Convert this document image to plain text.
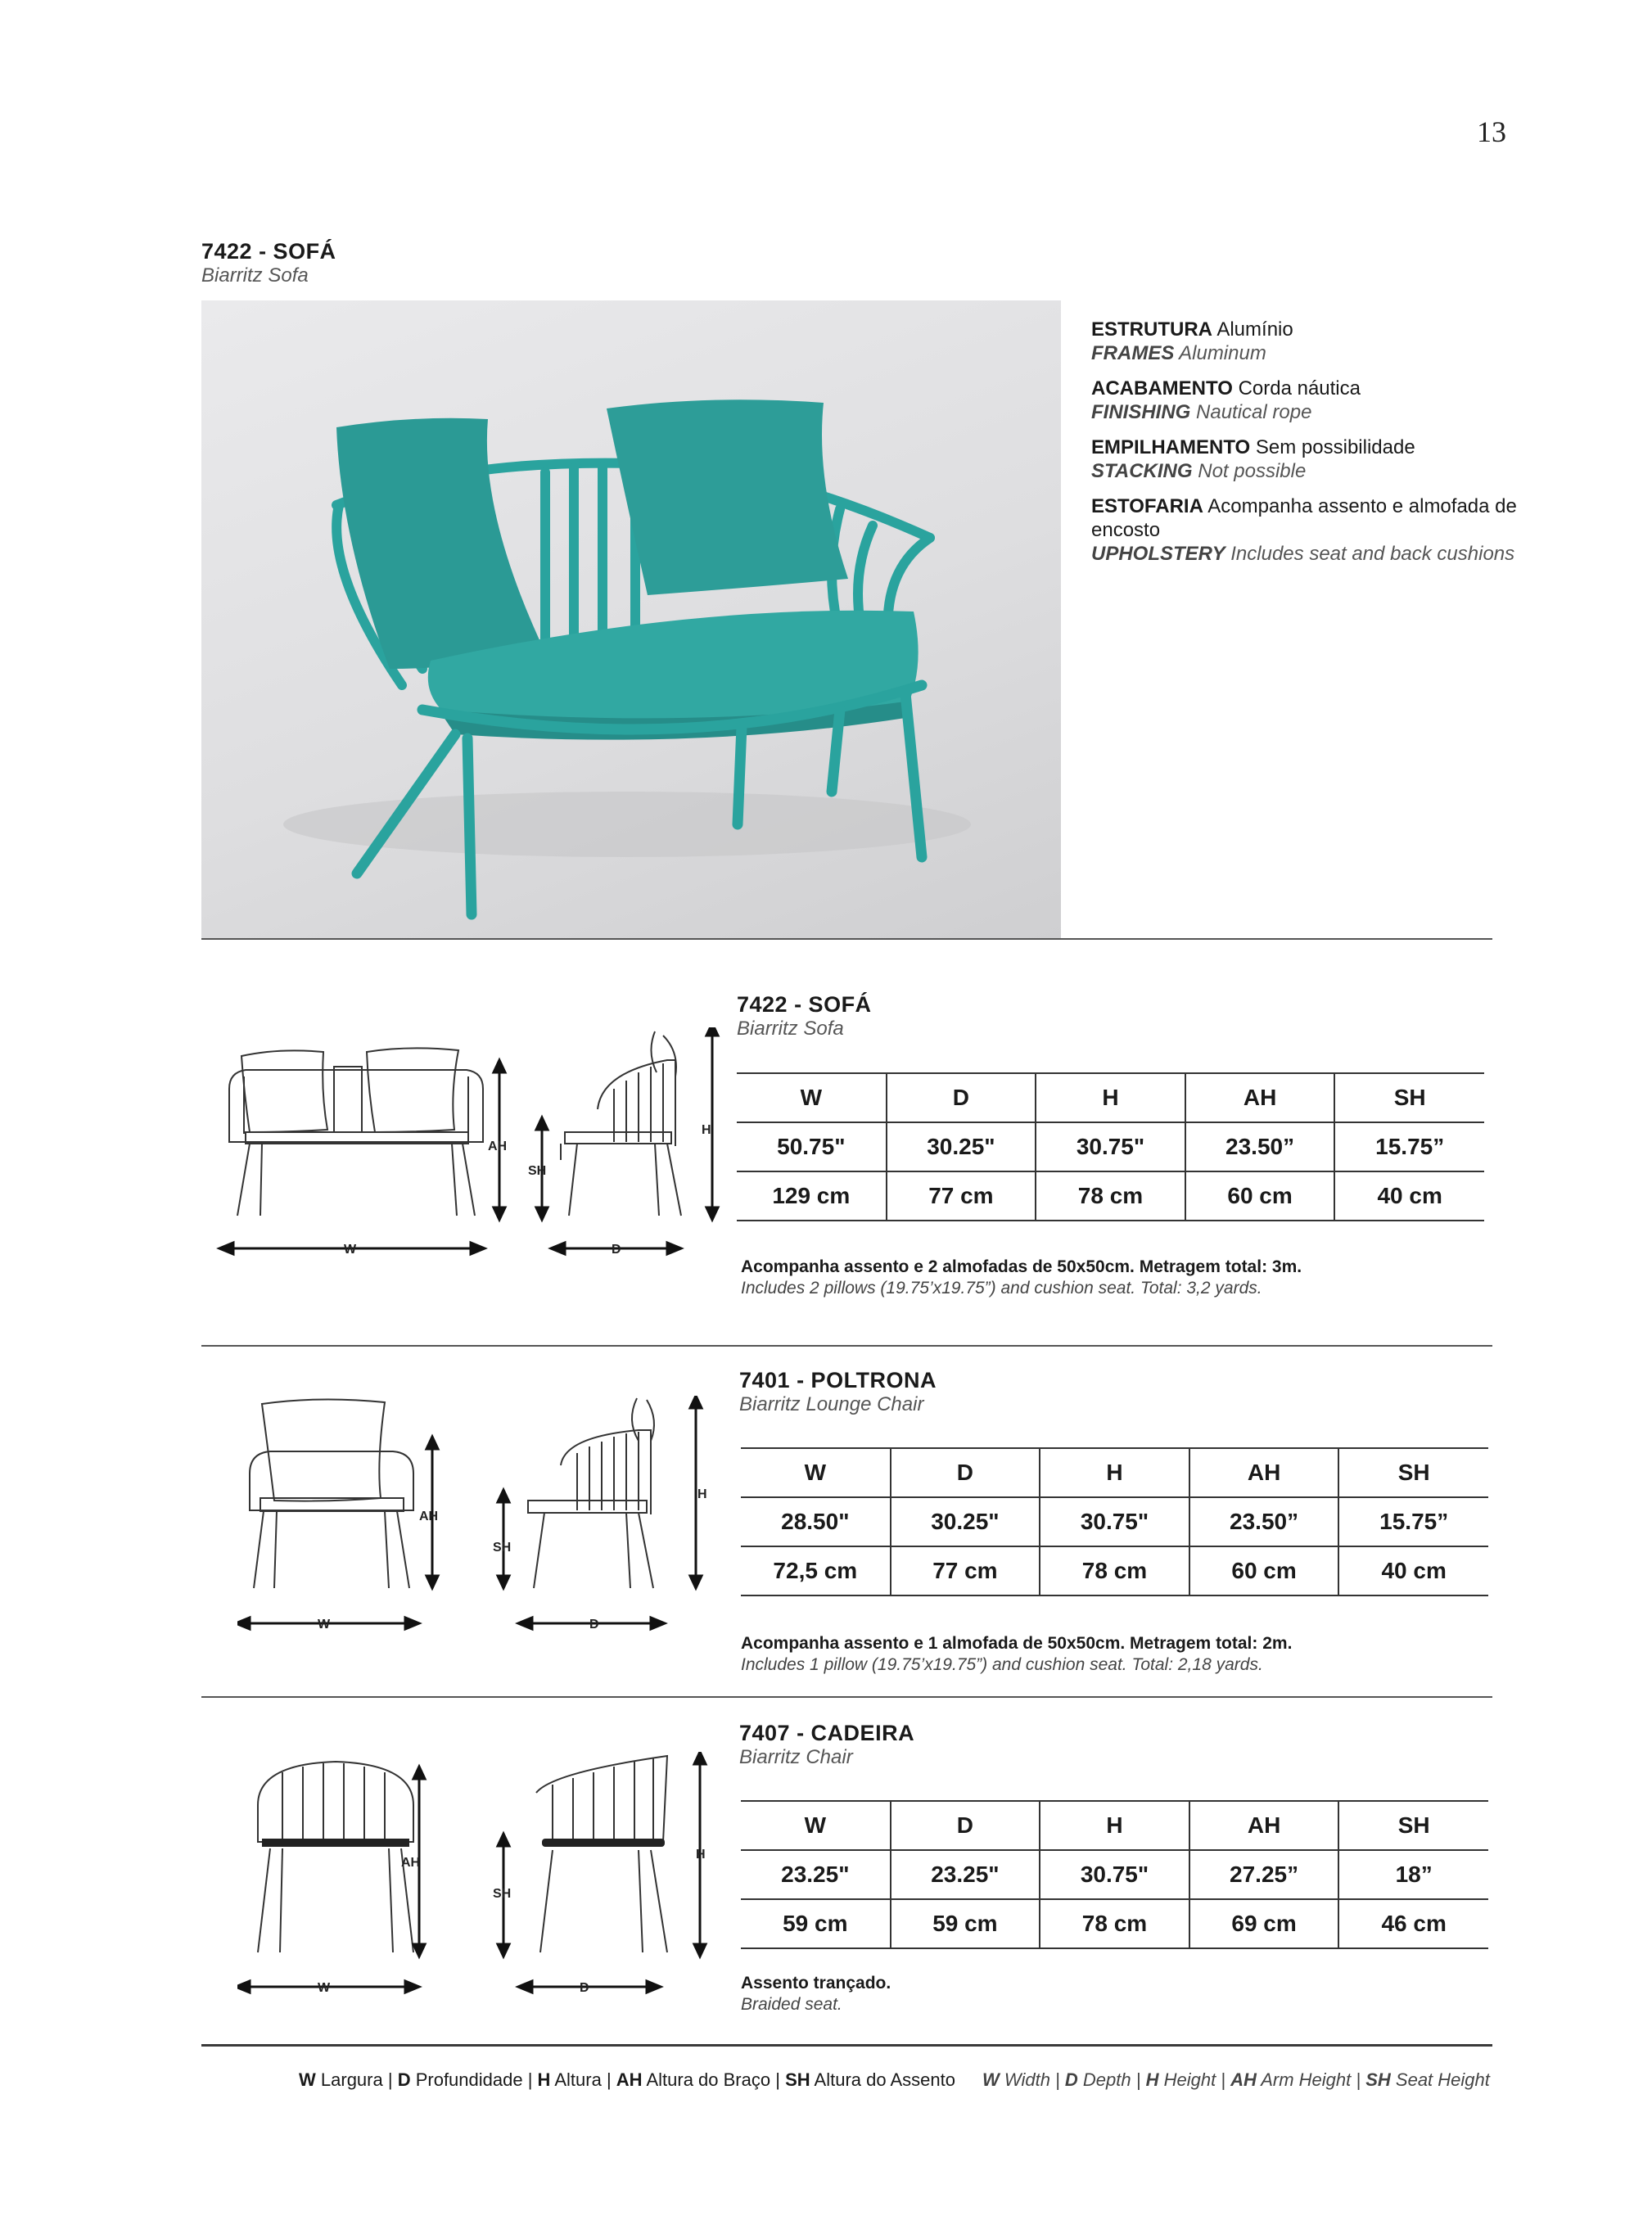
13
7422 - SOFÁ
Biarritz Sofa
ESTRUTURA Alumínio
FRAMES Aluminum
ACABAMENTO Corda náutica
FINISHING Nautical rope
EMPILHAMENTO Sem possibilidade
STACKING Not possible
ESTOFARIA Acompanha assento e almofada de encosto
UPHOLSTERY Includes seat and back cushions
AH
W
SH
H
D
7422 - SOFÁ
Biarritz Sofa
W	D	H	AH	SH
50.75"	30.25"	30.75"	23.50”	15.75”
129 cm	77 cm	78 cm	60 cm	40 cm
Acompanha assento e 2 almofadas de 50x50cm. Metragem total: 3m.
Includes 2 pillows (19.75’x19.75”) and cushion seat. Total: 3,2 yards.
AH
W
SH
H
D
7401 - POLTRONA
Biarritz Lounge Chair
W	D	H	AH	SH
28.50"	30.25"	30.75"	23.50”	15.75”
72,5 cm	77 cm	78 cm	60 cm	40 cm
Acompanha assento e 1 almofada de 50x50cm. Metragem total: 2m.
Includes 1 pillow (19.75’x19.75”) and cushion seat. Total: 2,18 yards.
AH
W
SH
H
D
7407 - CADEIRA
Biarritz Chair
W	D	H	AH	SH
23.25"	23.25"	30.75"	27.25”	18”
59 cm	59 cm	78 cm	69 cm	46 cm
Assento trançado.
Braided seat.
W Largura | D Profundidade | H Altura | AH Altura do Braço | SH Altura do Assento W Width | D Depth | H Height | AH Arm Height | SH Seat Height
